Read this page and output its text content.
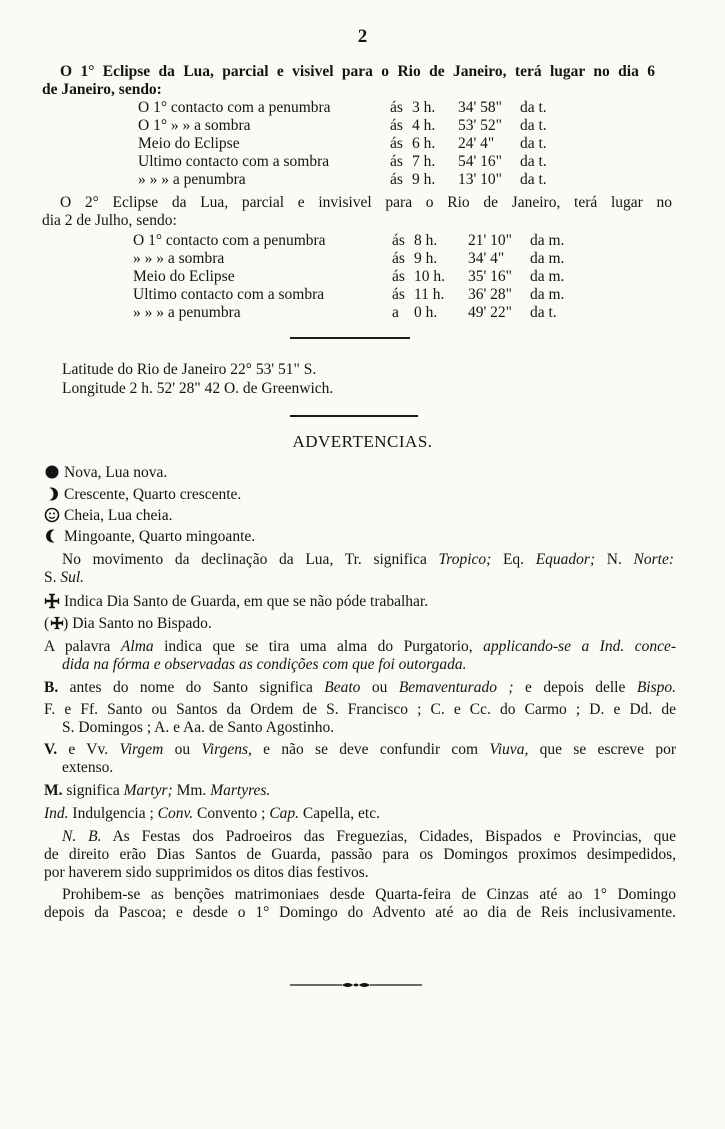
2
O 1° Eclipse da Lua, parcial e visivel para o Rio de Janeiro, terá lugar no dia 6
de Janeiro, sendo:
O 1° contacto com a penumbra	ás 3 h. 34' 58" da t.
O 1° » » a sombra	ás 4 h. 53' 52" da t.
Meio do Eclipse	ás 6 h. 24' 4" da t.
Ultimo contacto com a sombra	ás 7 h. 54' 16" da t.
» » » a penumbra	ás 9 h. 13' 10" da t.
O 2° Eclipse da Lua, parcial e invisivel para o Rio de Janeiro, terá lugar no
dia 2 de Julho, sendo:
O 1° contacto com a penumbra	ás 8 h. 21' 10" da m.
» » » a sombra	ás 9 h. 34' 4" da m.
Meio do Eclipse	ás 10 h. 35' 16" da m.
Ultimo contacto com a sombra	ás 11 h. 36' 28" da m.
» » » a penumbra	a 0 h. 49' 22" da t.
Latitude do Rio de Janeiro 22° 53' 51" S.
Longitude 2 h. 52' 28" 42 O. de Greenwich.
ADVERTENCIAS.
Nova, Lua nova.
Crescente, Quarto crescente.
Cheia, Lua cheia.
Mingoante, Quarto mingoante.
No movimento da declinação da Lua, Tr. significa Tropico; Eq. Equador; N. Norte:
S. Sul.
Indica Dia Santo de Guarda, em que se não póde trabalhar.
( ) Dia Santo no Bispado.
A palavra Alma indica que se tira uma alma do Purgatorio, applicando-se a Ind. conce-
dida na fórma e observadas as condições com que foi outorgada.
B. antes do nome do Santo significa Beato ou Bemaventurado ; e depois delle Bispo.
F. e Ff. Santo ou Santos da Ordem de S. Francisco ; C. e Cc. do Carmo ; D. e Dd. de
S. Domingos ; A. e Aa. de Santo Agostinho.
V. e Vv. Virgem ou Virgens, e não se deve confundir com Viuva, que se escreve por
extenso.
M. significa Martyr; Mm. Martyres.
Ind. Indulgencia ; Conv. Convento ; Cap. Capella, etc.
N. B. As Festas dos Padroeiros das Freguezias, Cidades, Bispados e Provincias, que
de direito erão Dias Santos de Guarda, passão para os Domingos proximos desimpedidos,
por haverem sido supprimidos os ditos dias festivos.
Prohibem-se as benções matrimoniaes desde Quarta-feira de Cinzas até ao 1° Domingo
depois da Pascoa; e desde o 1° Domingo do Advento até ao dia de Reis inclusivamente.
